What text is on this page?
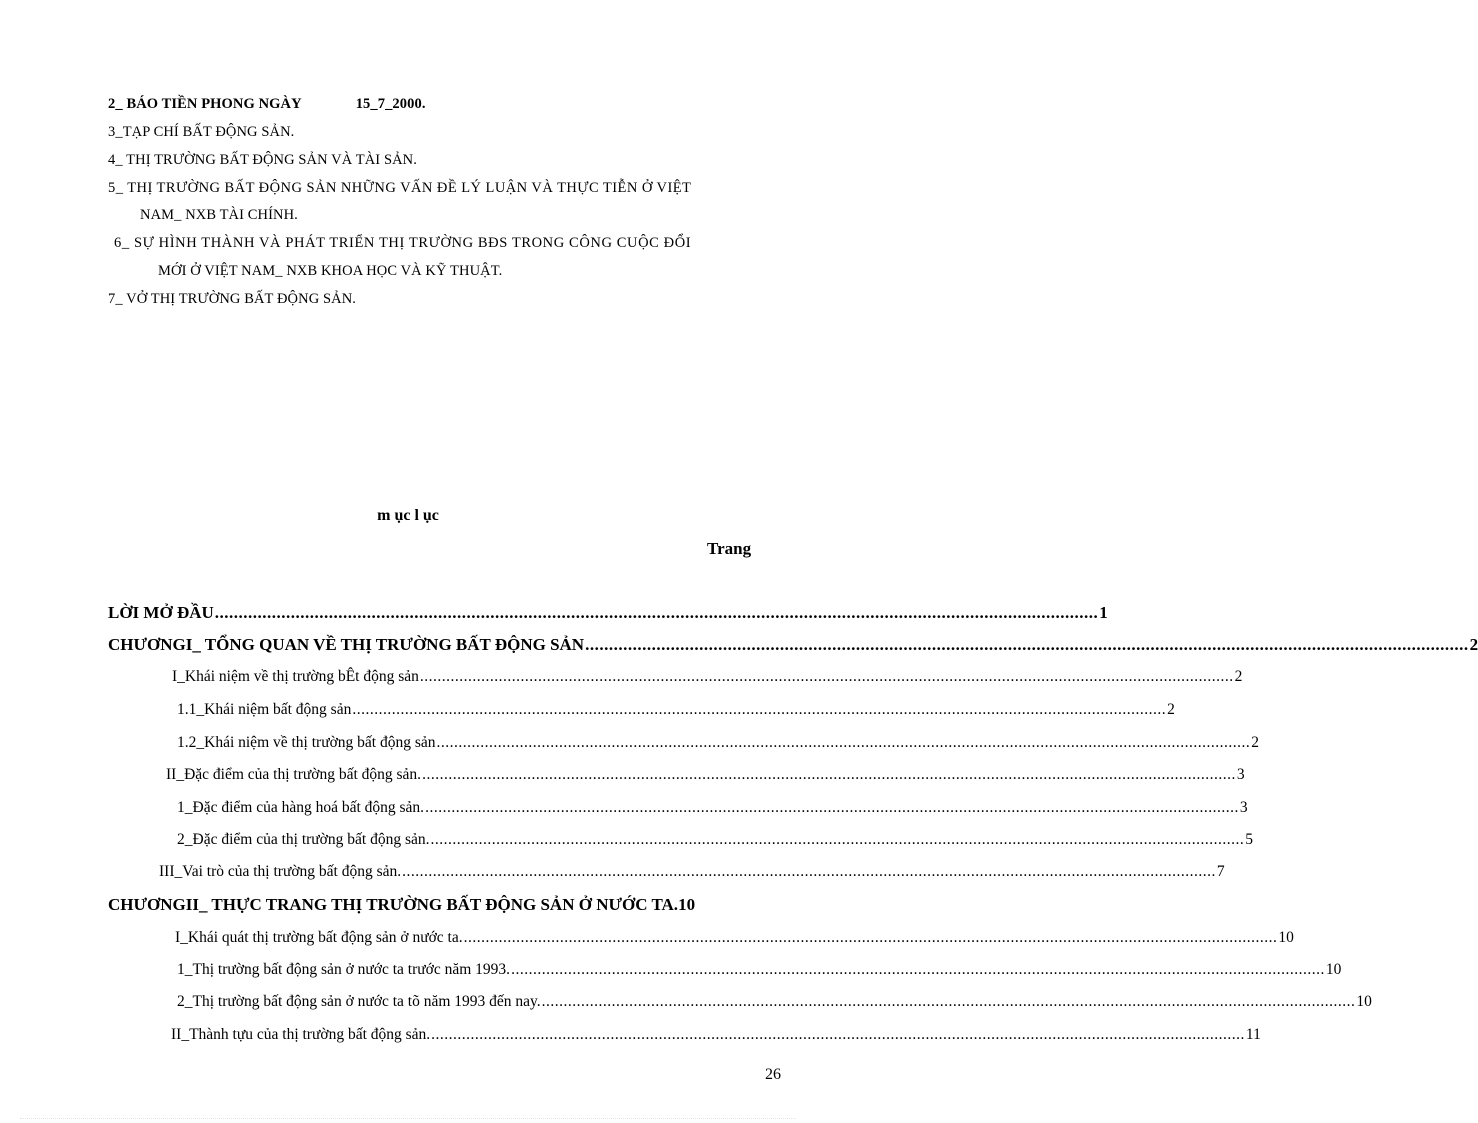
2_ BÁO TIỀN PHONG NGÀY	15_7_2000.
3_TẠP CHÍ BẤT ĐỘNG SẢN.
4_ THỊ TRƯỜNG BẤT ĐỘNG SẢN VÀ TÀI SẢN.
5_ THỊ TRƯỜNG BẤT ĐỘNG SẢN NHỮNG VẤN ĐỀ LÝ LUẬN VÀ THỰC TIỄN Ở VIỆT
NAM_ NXB TÀI CHÍNH.
6_ SỰ HÌNH THÀNH VÀ PHÁT TRIỂN THỊ TRƯỜNG BĐS TRONG CÔNG CUỘC ĐỔI
MỚI Ở VIỆT NAM_ NXB KHOA HỌC VÀ KỸ THUẬT.
7_ VỞ THỊ TRƯỜNG BẤT ĐỘNG SẢN.
m ục l ục
Trang
LỜI MỞ ĐẦU .......................................................................................................................................................................................... 1
CHƯƠNGI_ TỔNG QUAN VỀ THỊ TRƯỜNG BẤT ĐỘNG SẢN .......................................................................................................................................................................................... 2
I_Khái niệm về thị trường bÊt động sản .......................................................................................................................................................................................... 2
1.1_Khái niệm bất động sản .......................................................................................................................................................................................... 2
1.2_Khái niệm về thị trường bất động sản .......................................................................................................................................................................................... 2
II_Đặc điểm của thị trường bất động sản. .......................................................................................................................................................................................... 3
1_Đặc điểm của hàng hoá bất động sản. .......................................................................................................................................................................................... 3
2_Đặc điểm của thị trường bất động sản. .......................................................................................................................................................................................... 5
III_Vai trò của thị trường bất động sản. .......................................................................................................................................................................................... 7
CHƯƠNGII_ THỰC TRANG THỊ TRƯỜNG BẤT ĐỘNG SẢN Ở NƯỚC TA. 10
I_Khái quát thị trường bất động sản ở nước ta. .......................................................................................................................................................................................... 10
1_Thị trường bất động sản ở nước ta trước năm 1993. .......................................................................................................................................................................................... 10
2_Thị trường bất động sản ở nước ta tõ năm 1993 đến nay. .......................................................................................................................................................................................... 10
II_Thành tựu của thị trường bất động sản. .......................................................................................................................................................................................... 11
26
